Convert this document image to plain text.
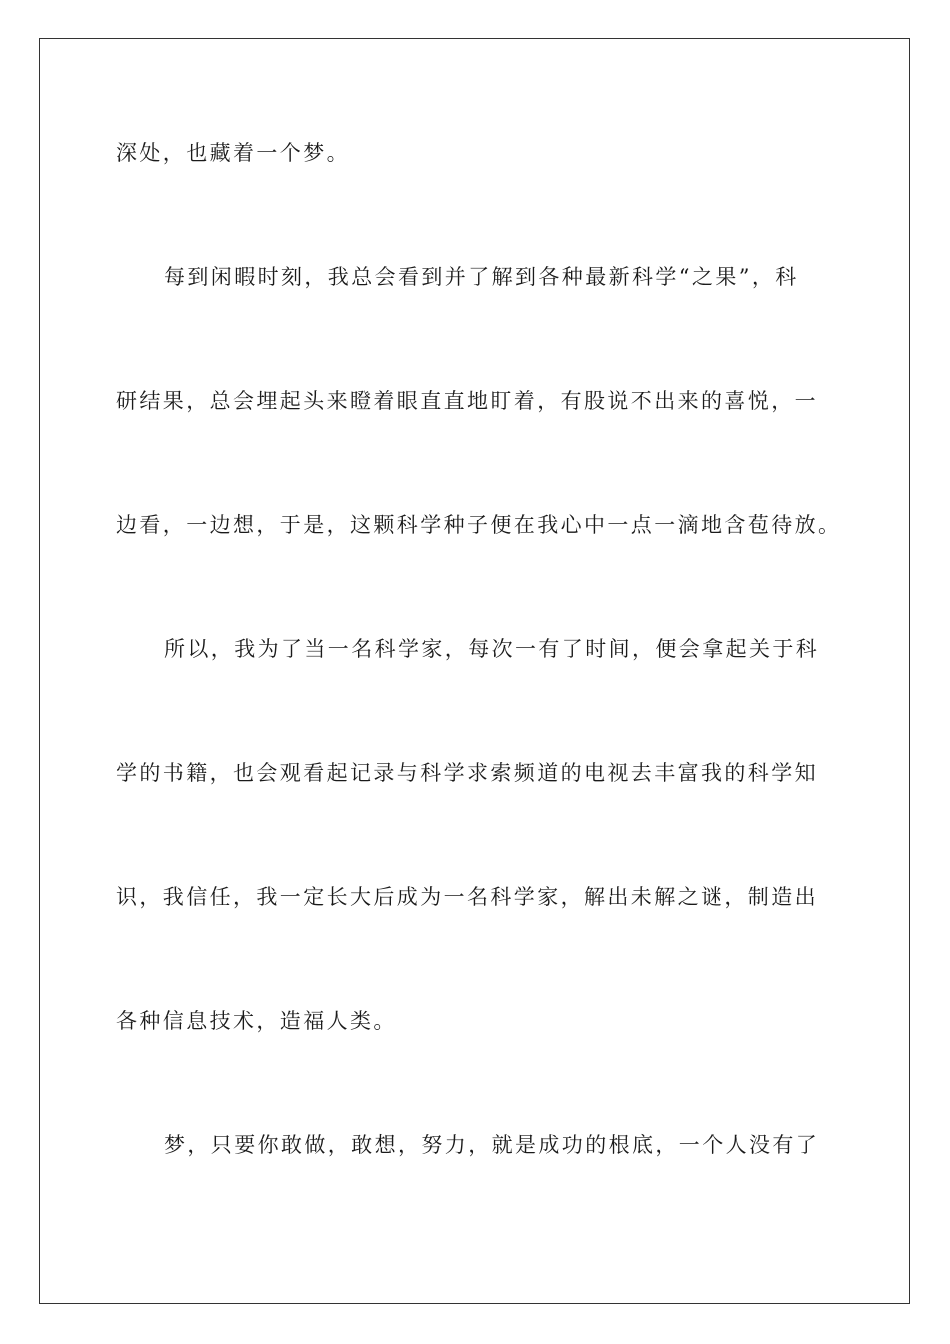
深处，也藏着一个梦。
每到闲暇时刻，我总会看到并了解到各种最新科学“之果”，科
研结果，总会埋起头来瞪着眼直直地盯着，有股说不出来的喜悦，一
边看，一边想，于是，这颗科学种子便在我心中一点一滴地含苞待放。
所以，我为了当一名科学家，每次一有了时间，便会拿起关于科
学的书籍，也会观看起记录与科学求索频道的电视去丰富我的科学知
识，我信任，我一定长大后成为一名科学家，解出未解之谜，制造出
各种信息技术，造福人类。
梦，只要你敢做，敢想，努力，就是成功的根底，一个人没有了
